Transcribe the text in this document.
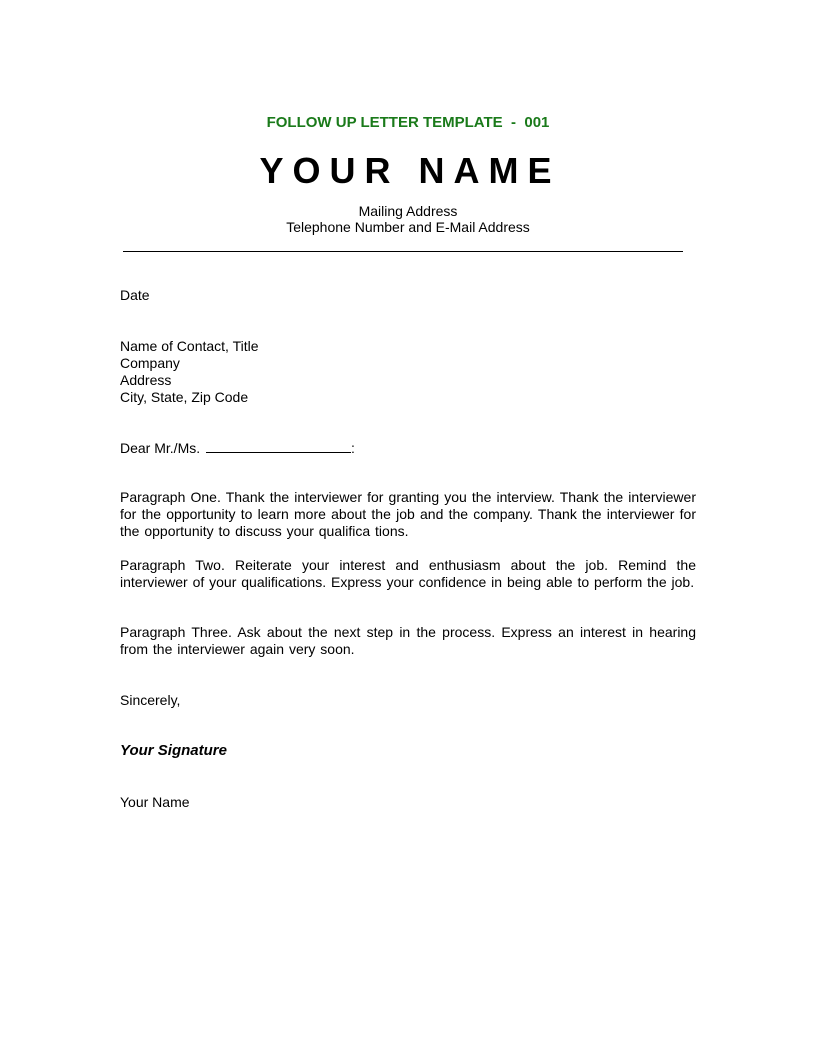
FOLLOW UP LETTER TEMPLATE  -  001
YOUR NAME
Mailing Address
Telephone Number and E-Mail Address
Date
Name of Contact, Title
Company
Address
City, State, Zip Code
Dear Mr./Ms.	:
Paragraph One. Thank the interviewer for granting you the interview. Thank the interviewer for the opportunity to learn more about the job and the company. Thank the interviewer for the opportunity to discuss your qualifica tions.
Paragraph Two. Reiterate your interest and enthusiasm about the job. Remind the interviewer of your qualifications. Express your confidence in being able to perform the job.
Paragraph Three. Ask about the next step in the process. Express an interest in hearing from the interviewer again very soon.
Sincerely,
Your Signature
Your Name
